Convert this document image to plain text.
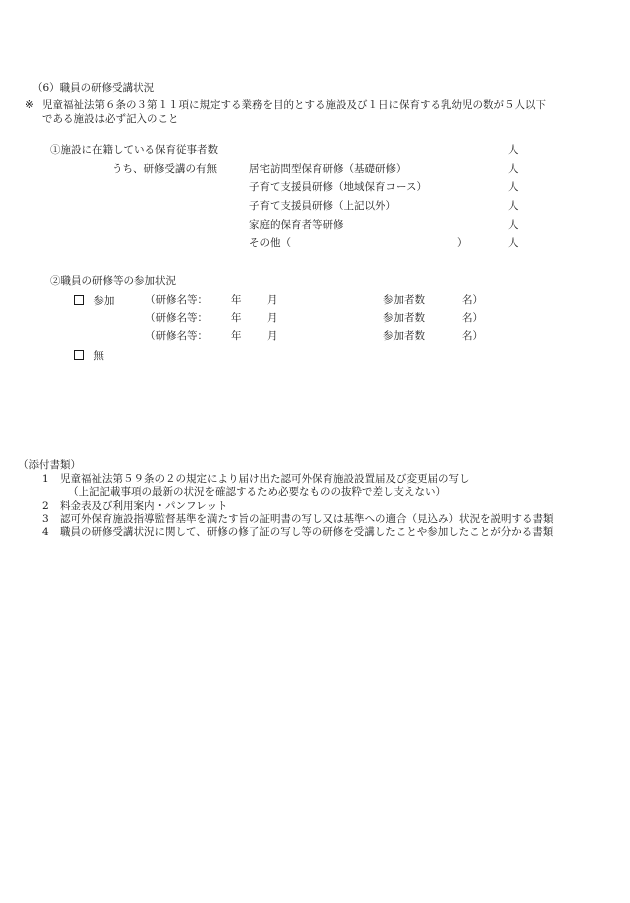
（6）職員の研修受講状況
※ 児童福祉法第６条の３第１１項に規定する業務を目的とする施設及び１日に保育する乳幼児の数が５人以下
である施設は必ず記入のこと
①施設に在籍している保育従事者数	人
うち、研修受講の有無	居宅訪問型保育研修（基礎研修）	人
子育て支援員研修（地域保育コース）	人
子育て支援員研修（上記以外）	人
家庭的保育者等研修	人
その他（	）	人
②職員の研修等の参加状況
参加	（研修名等： 年 月	参加者数	名）
（研修名等： 年 月	参加者数	名）
（研修名等： 年 月	参加者数	名）
無
（添付書類）
1 児童福祉法第５９条の２の規定により届け出た認可外保育施設設置届及び変更届の写し
（上記記載事項の最新の状況を確認するため必要なものの抜粋で差し支えない）
2 料金表及び利用案内・パンフレット
3 認可外保育施設指導監督基準を満たす旨の証明書の写し又は基準への適合（見込み）状況を説明する書類
4 職員の研修受講状況に関して、研修の修了証の写し等の研修を受講したことや参加したことが分かる書類
